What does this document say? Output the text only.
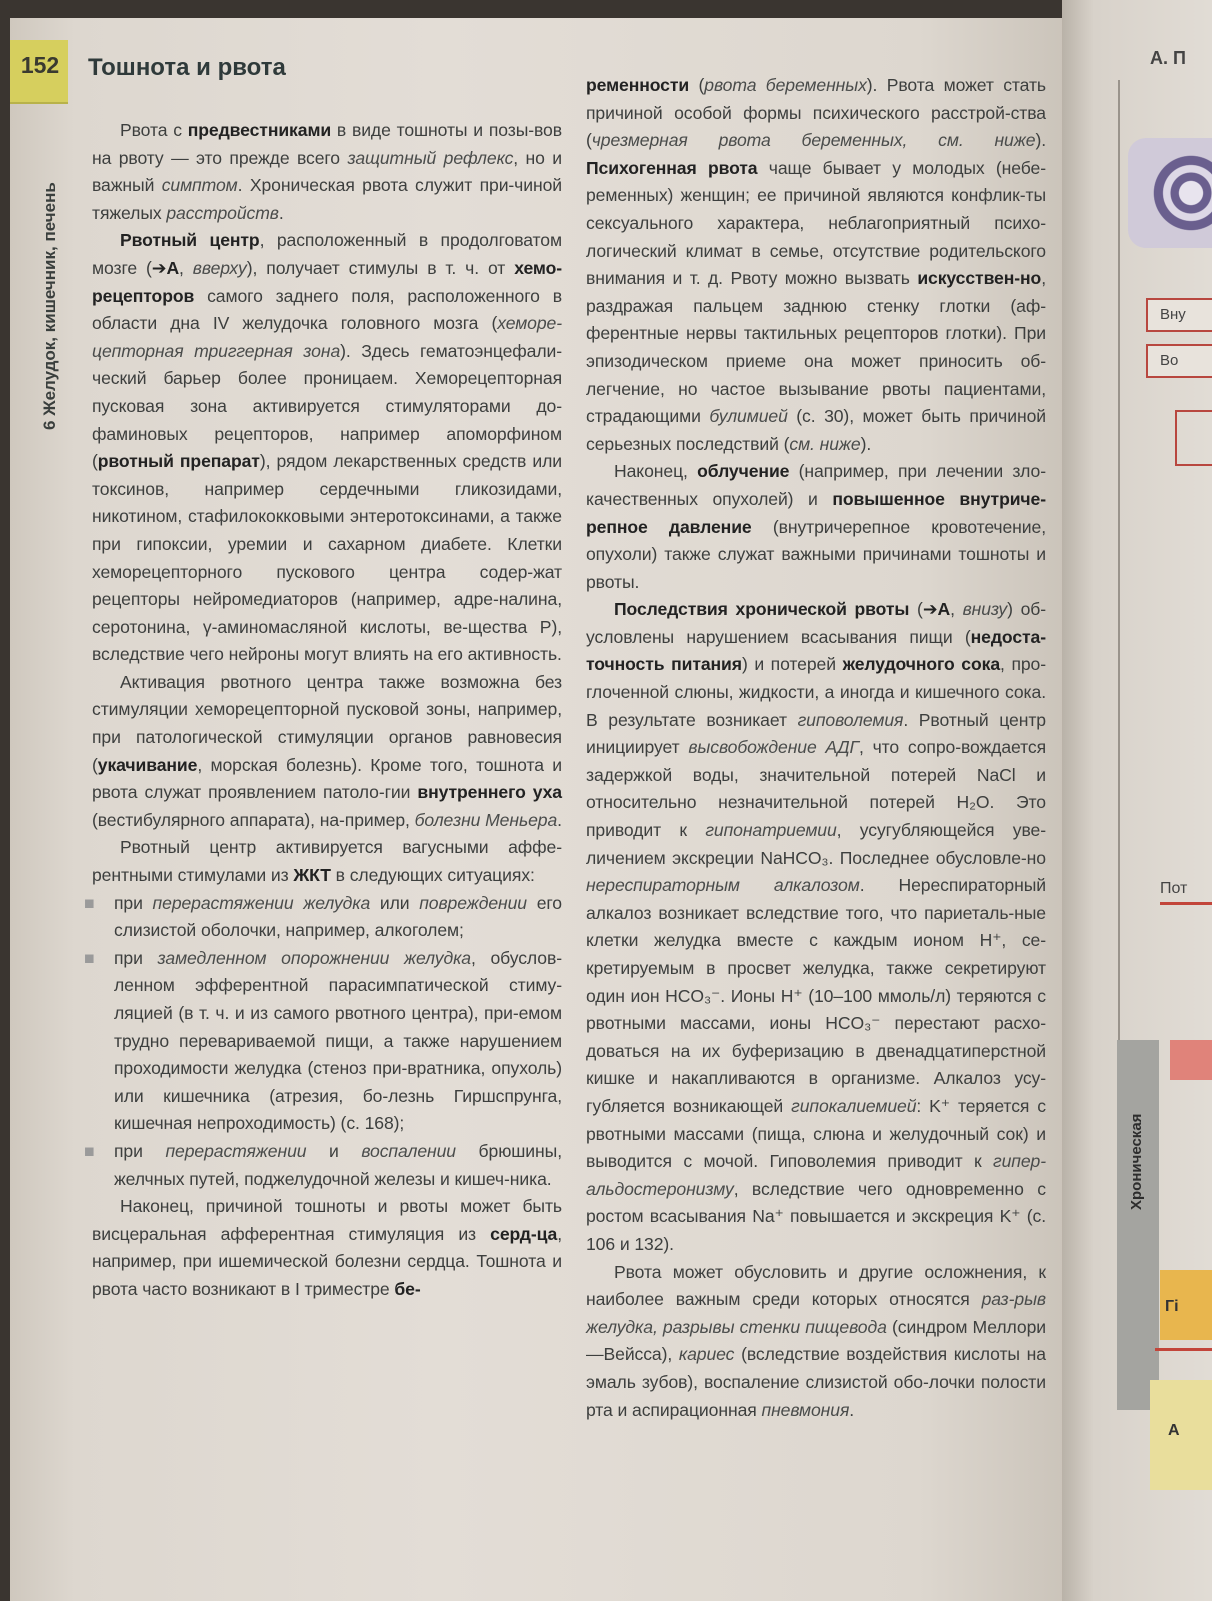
152 Тошнота и рвота
6 Желудок, кишечник, печень

Рвота с предвестниками в виде тошноты и позы-вов на рвоту — это прежде всего защитный рефлекс, но и важный симптом. Хроническая рвота служит при-чиной тяжелых расстройств.

Рвотный центр, расположенный в продолговатом мозге (➔А, вверху), получает стимулы в т. ч. от хемо-рецепторов самого заднего поля, расположенного в области дна IV желудочка головного мозга (хеморе-цепторная триггерная зона). Здесь гематоэнцефали-ческий барьер более проницаем. Хеморецепторная пусковая зона активируется стимуляторами до-фаминовых рецепторов, например апоморфином (рвотный препарат), рядом лекарственных средств или токсинов, например сердечными гликозидами, никотином, стафилококковыми энтеротоксинами, а также при гипоксии, уремии и сахарном диабете. Клетки хеморецепторного пускового центра содер-жат рецепторы нейромедиаторов (например, адре-налина, серотонина, γ-аминомасляной кислоты, ве-щества P), вследствие чего нейроны могут влиять на его активность.

Активация рвотного центра также возможна без стимуляции хеморецепторной пусковой зоны, например, при патологической стимуляции органов равновесия (укачивание, морская болезнь). Кроме того, тошнота и рвота служат проявлением патоло-гии внутреннего уха (вестибулярного аппарата), на-пример, болезни Меньера.

Рвотный центр активируется вагусными аффе-рентными стимулами из ЖКТ в следующих ситуациях:

■ при перерастяжении желудка или повреждении его слизистой оболочки, например, алкоголем;

■ при замедленном опорожнении желудка, обуслов-ленном эфферентной парасимпатической стиму-ляцией (в т. ч. и из самого рвотного центра), при-емом трудно перевариваемой пищи, а также нарушением проходимости желудка (стеноз при-вратника, опухоль) или кишечника (атрезия, бо-лезнь Гиршспрунга, кишечная непроходимость) (с. 168);

■ при перерастяжении и воспалении брюшины, желчных путей, поджелудочной железы и кишеч-ника.

Наконец, причиной тошноты и рвоты может быть висцеральная афферентная стимуляция из серд-ца, например, при ишемической болезни сердца. Тошнота и рвота часто возникают в I триместре бе-

ременности (рвота беременных). Рвота может стать причиной особой формы психического расстрой-ства (чрезмерная рвота беременных, см. ниже). Психогенная рвота чаще бывает у молодых (небе-ременных) женщин; ее причиной являются конфлик-ты сексуального характера, неблагоприятный психо-логический климат в семье, отсутствие родительского внимания и т. д. Рвоту можно вызвать искусствен-но, раздражая пальцем заднюю стенку глотки (аф-ферентные нервы тактильных рецепторов глотки). При эпизодическом приеме она может приносить об-легчение, но частое вызывание рвоты пациентами, страдающими булимией (с. 30), может быть причиной серьезных последствий (см. ниже).

Наконец, облучение (например, при лечении зло-качественных опухолей) и повышенное внутриче-репное давление (внутричерепное кровотечение, опухоли) также служат важными причинами тошноты и рвоты.

Последствия хронической рвоты (➔А, внизу) об-условлены нарушением всасывания пищи (недоста-точность питания) и потерей желудочного сока, про-глоченной слюны, жидкости, а иногда и кишечного сока. В результате возникает гиповолемия. Рвотный центр инициирует высвобождение АДГ, что сопро-вождается задержкой воды, значительной потерей NaCl и относительно незначительной потерей H₂O. Это приводит к гипонатриемии, усугубляющейся уве-личением экскреции NaHCO₃. Последнее обусловле-но нереспираторным алкалозом. Нереспираторный алкалоз возникает вследствие того, что париеталь-ные клетки желудка вместе с каждым ионом H⁺, се-кретируемым в просвет желудка, также секретируют один ион HCO₃⁻. Ионы H⁺ (10–100 ммоль/л) теряются с рвотными массами, ионы HCO₃⁻ перестают расхо-доваться на их буферизацию в двенадцатиперстной кишке и накапливаются в организме. Алкалоз усу-губляется возникающей гипокалиемией: K⁺ теряется с рвотными массами (пища, слюна и желудочный сок) и выводится с мочой. Гиповолемия приводит к гипер-альдостеронизму, вследствие чего одновременно с ростом всасывания Na⁺ повышается и экскреция K⁺ (с. 106 и 132).

Рвота может обусловить и другие осложнения, к наиболее важным среди которых относятся раз-рыв желудка, разрывы стенки пищевода (синдром Меллори—Вейсса), кариес (вследствие воздействия кислоты на эмаль зубов), воспаление слизистой обо-лочки полости рта и аспирационная пневмония.

А. П
Вну
Во
Пот
Хроническая
Гі
А
